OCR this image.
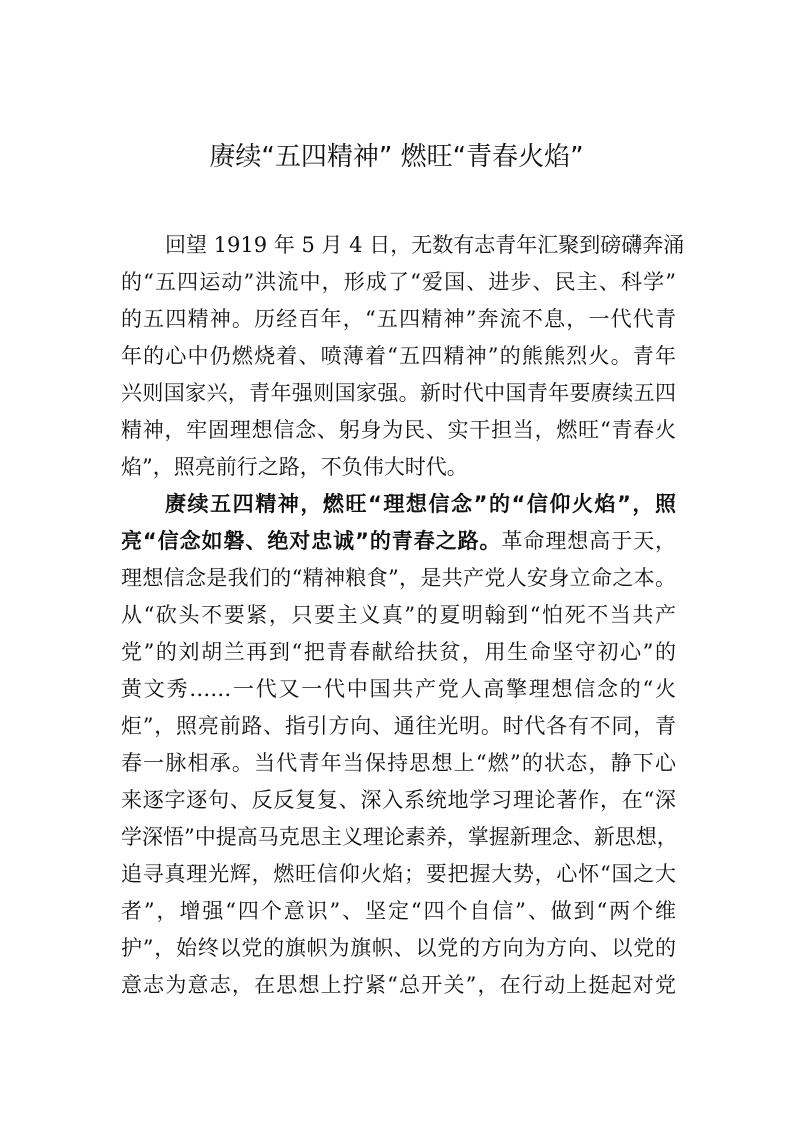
赓续“五四精神” 燃旺“青春火焰”
回望 1919 年 5 月 4 日，无数有志青年汇聚到磅礴奔涌
的“五四运动”洪流中，形成了“爱国、进步、民主、科学”
的五四精神。历经百年，“五四精神”奔流不息，一代代青
年的心中仍燃烧着、喷薄着“五四精神”的熊熊烈火。青年
兴则国家兴，青年强则国家强。新时代中国青年要赓续五四
精神，牢固理想信念、躬身为民、实干担当，燃旺“青春火
焰”，照亮前行之路，不负伟大时代。
赓续五四精神，燃旺“理想信念”的“信仰火焰”，照
亮“信念如磐、绝对忠诚”的青春之路。革命理想高于天，
理想信念是我们的“精神粮食”，是共产党人安身立命之本。
从“砍头不要紧，只要主义真”的夏明翰到“怕死不当共产
党”的刘胡兰再到“把青春献给扶贫，用生命坚守初心”的
黄文秀……一代又一代中国共产党人高擎理想信念的“火
炬”，照亮前路、指引方向、通往光明。时代各有不同，青
春一脉相承。当代青年当保持思想上“燃”的状态，静下心
来逐字逐句、反反复复、深入系统地学习理论著作，在“深
学深悟”中提高马克思主义理论素养，掌握新理念、新思想，
追寻真理光辉，燃旺信仰火焰；要把握大势，心怀“国之大
者”，增强“四个意识”、坚定“四个自信”、做到“两个维
护”，始终以党的旗帜为旗帜、以党的方向为方向、以党的
意志为意志，在思想上拧紧“总开关”，在行动上挺起对党
